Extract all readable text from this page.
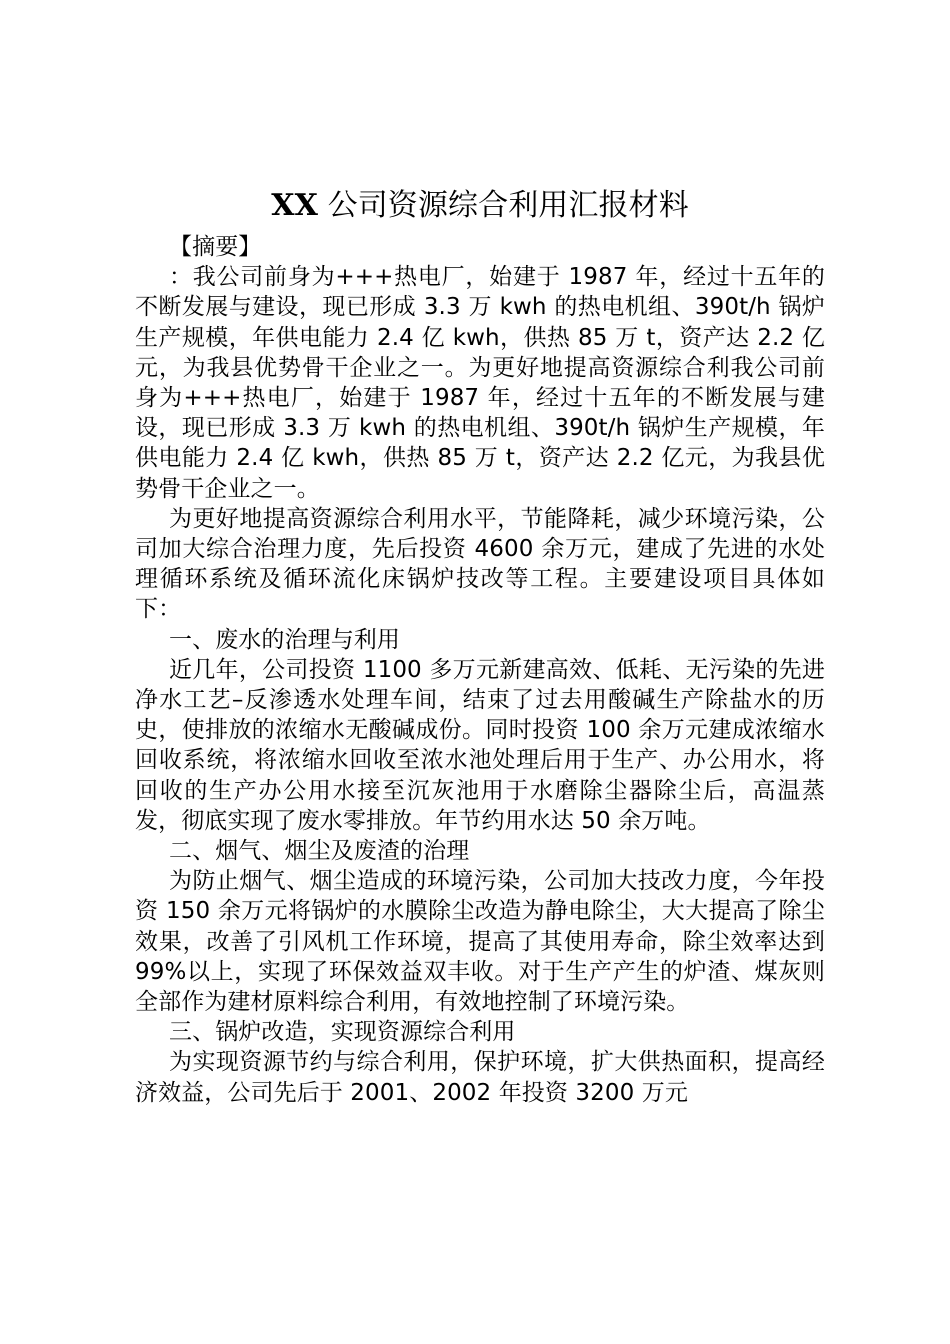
XX 公司资源综合利用汇报材料

【摘要】

：我公司前身为+++热电厂，始建于 1987 年，经过十五年的不断发展与建设，现已形成 3.3 万 kwh 的热电机组、390t/h 锅炉生产规模，年供电能力 2.4 亿 kwh，供热 85 万 t，资产达 2.2 亿元，为我县优势骨干企业之一。为更好地提高资源综合利我公司前身为+++热电厂，始建于 1987 年，经过十五年的不断发展与建设，现已形成 3.3 万 kwh 的热电机组、390t/h 锅炉生产规模，年供电能力 2.4 亿 kwh，供热 85 万 t，资产达 2.2 亿元，为我县优势骨干企业之一。

为更好地提高资源综合利用水平，节能降耗，减少环境污染，公司加大综合治理力度，先后投资 4600 余万元，建成了先进的水处理循环系统及循环流化床锅炉技改等工程。主要建设项目具体如下：

一、废水的治理与利用

近几年，公司投资 1100 多万元新建高效、低耗、无污染的先进净水工艺–反渗透水处理车间，结束了过去用酸碱生产除盐水的历史，使排放的浓缩水无酸碱成份。同时投资 100 余万元建成浓缩水回收系统，将浓缩水回收至浓水池处理后用于生产、办公用水，将回收的生产办公用水接至沉灰池用于水磨除尘器除尘后，高温蒸发，彻底实现了废水零排放。年节约用水达 50 余万吨。

二、烟气、烟尘及废渣的治理

为防止烟气、烟尘造成的环境污染，公司加大技改力度，今年投资 150 余万元将锅炉的水膜除尘改造为静电除尘，大大提高了除尘效果，改善了引风机工作环境，提高了其使用寿命，除尘效率达到 99%以上，实现了环保效益双丰收。对于生产产生的炉渣、煤灰则全部作为建材原料综合利用，有效地控制了环境污染。

三、锅炉改造，实现资源综合利用

为实现资源节约与综合利用，保护环境，扩大供热面积，提高经济效益，公司先后于 2001、2002 年投资 3200 万元
